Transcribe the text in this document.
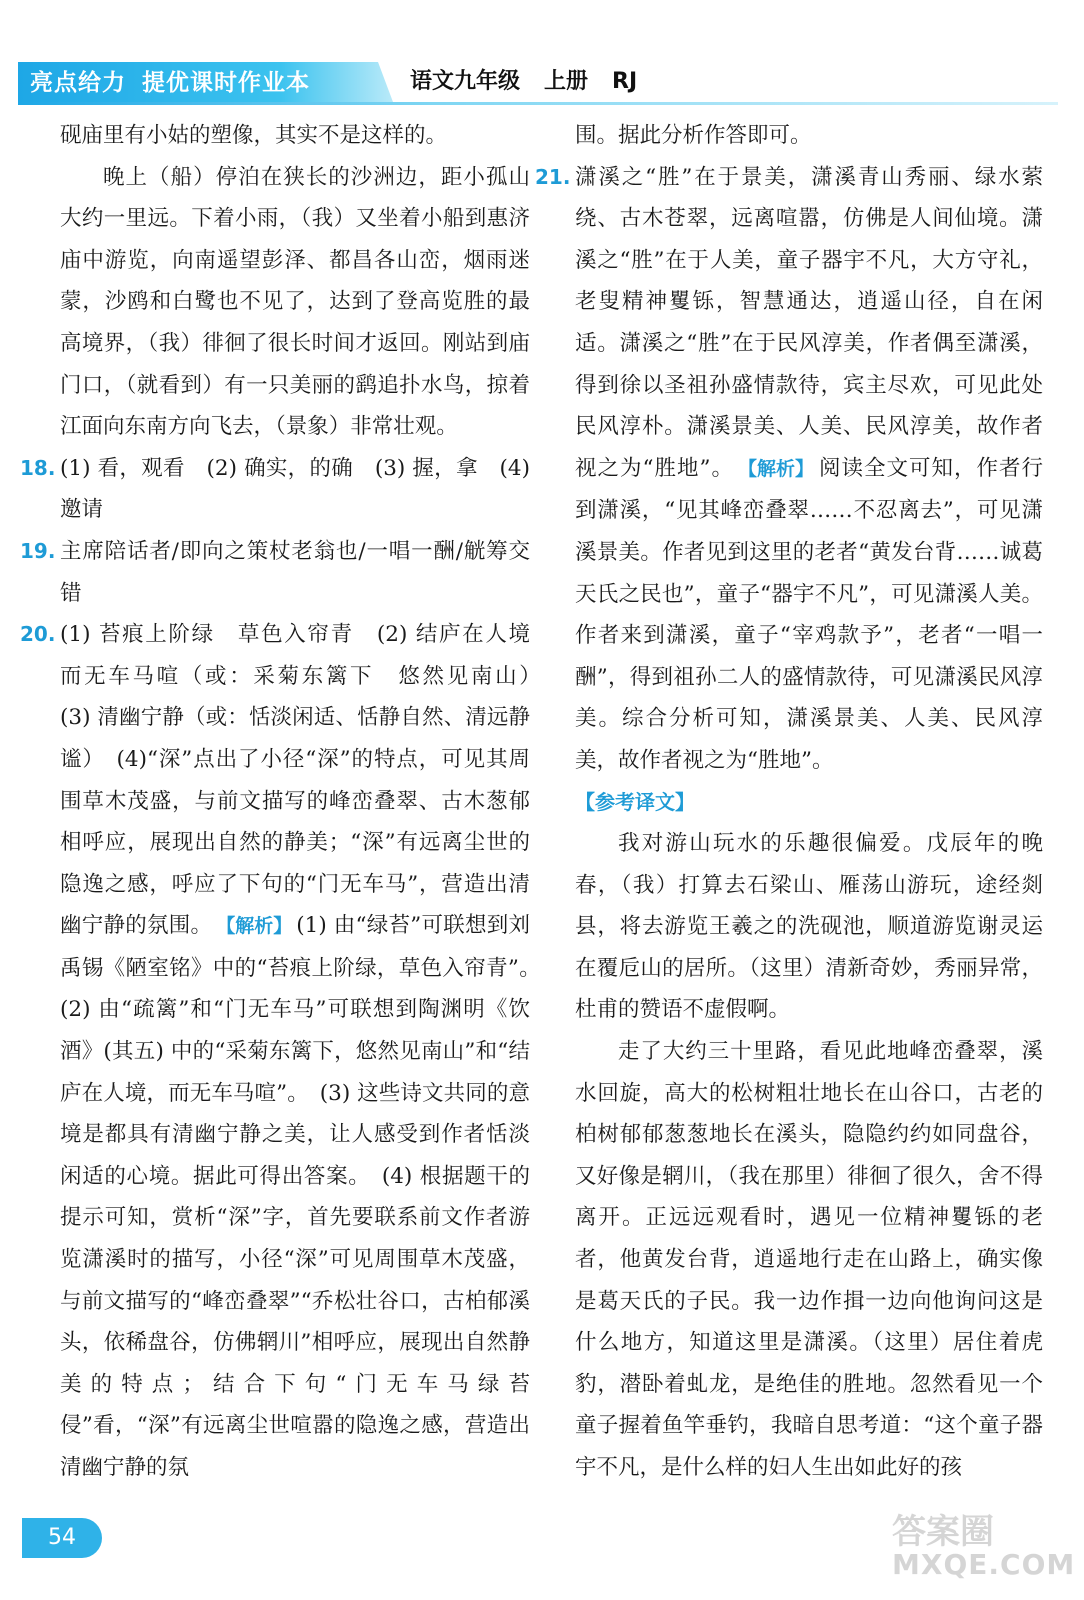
亮点给力 提优课时作业本	语文九年级 上册 RJ

砚庙里有小姑的塑像，其实不是这样的。

晚上（船）停泊在狭长的沙洲边，距小孤山大约一里远。下着小雨，（我）又坐着小船到惠济庙中游览，向南遥望彭泽、都昌各山峦，烟雨迷蒙，沙鸥和白鹭也不见了，达到了登高览胜的最高境界，（我）徘徊了很长时间才返回。刚站到庙门口，（就看到）有一只美丽的鹞追扑水鸟，掠着江面向东南方向飞去，（景象）非常壮观。

18. (1) 看，观看　(2) 确实，的确　(3) 握，拿　(4) 邀请

19. 主席陪话者/即向之策杖老翁也/一唱一酬/觥筹交错

20. (1) 苔痕上阶绿　草色入帘青　(2) 结庐在人境　而无车马喧（或：采菊东篱下　悠然见南山）　(3) 清幽宁静（或：恬淡闲适、恬静自然、清远静谧）　(4)“深”点出了小径“深”的特点，可见其周围草木茂盛，与前文描写的峰峦叠翠、古木葱郁相呼应，展现出自然的静美；“深”有远离尘世的隐逸之感，呼应了下句的“门无车马”，营造出清幽宁静的氛围。 【解析】 (1) 由“绿苔”可联想到刘禹锡《陋室铭》中的“苔痕上阶绿，草色入帘青”。　(2) 由“疏篱”和“门无车马”可联想到陶渊明《饮酒》(其五) 中的“采菊东篱下，悠然见南山”和“结庐在人境，而无车马喧”。　(3) 这些诗文共同的意境是都具有清幽宁静之美，让人感受到作者恬淡闲适的心境。据此可得出答案。　(4) 根据题干的提示可知，赏析“深”字，首先要联系前文作者游览潇溪时的描写，小径“深”可见周围草木茂盛，与前文描写的“峰峦叠翠”“乔松壮谷口，古柏郁溪头，依稀盘谷，仿佛辋川”相呼应，展现出自然静美的特点；结合下句“门无车马绿苔侵”看，“深”有远离尘世喧嚣的隐逸之感，营造出清幽宁静的氛

围。据此分析作答即可。

21. 潇溪之“胜”在于景美，潇溪青山秀丽、绿水萦绕、古木苍翠，远离喧嚣，仿佛是人间仙境。潇溪之“胜”在于人美，童子器宇不凡，大方守礼，老叟精神矍铄，智慧通达，逍遥山径，自在闲适。潇溪之“胜”在于民风淳美，作者偶至潇溪，得到徐以圣祖孙盛情款待，宾主尽欢，可见此处民风淳朴。潇溪景美、人美、民风淳美，故作者视之为“胜地”。 【解析】 阅读全文可知，作者行到潇溪，“见其峰峦叠翠……不忍离去”，可见潇溪景美。作者见到这里的老者“黄发台背……诚葛天氏之民也”，童子“器宇不凡”，可见潇溪人美。作者来到潇溪，童子“宰鸡款予”，老者“一唱一酬”，得到祖孙二人的盛情款待，可见潇溪民风淳美。综合分析可知，潇溪景美、人美、民风淳美，故作者视之为“胜地”。

【参考译文】

我对游山玩水的乐趣很偏爱。戊辰年的晚春，（我）打算去石梁山、雁荡山游玩，途经剡县，将去游览王羲之的洗砚池，顺道游览谢灵运在覆卮山的居所。（这里）清新奇妙，秀丽异常，杜甫的赞语不虚假啊。

走了大约三十里路，看见此地峰峦叠翠，溪水回旋，高大的松树粗壮地长在山谷口，古老的柏树郁郁葱葱地长在溪头，隐隐约约如同盘谷，又好像是辋川，（我在那里）徘徊了很久，舍不得离开。正远远观看时，遇见一位精神矍铄的老者，他黄发台背，逍遥地行走在山路上，确实像是葛天氏的子民。我一边作揖一边向他询问这是什么地方，知道这里是潇溪。（这里）居住着虎豹，潜卧着虬龙，是绝佳的胜地。忽然看见一个童子握着鱼竿垂钓，我暗自思考道：“这个童子器宇不凡，是什么样的妇人生出如此好的孩

54	答案圈
MXQE.COM
